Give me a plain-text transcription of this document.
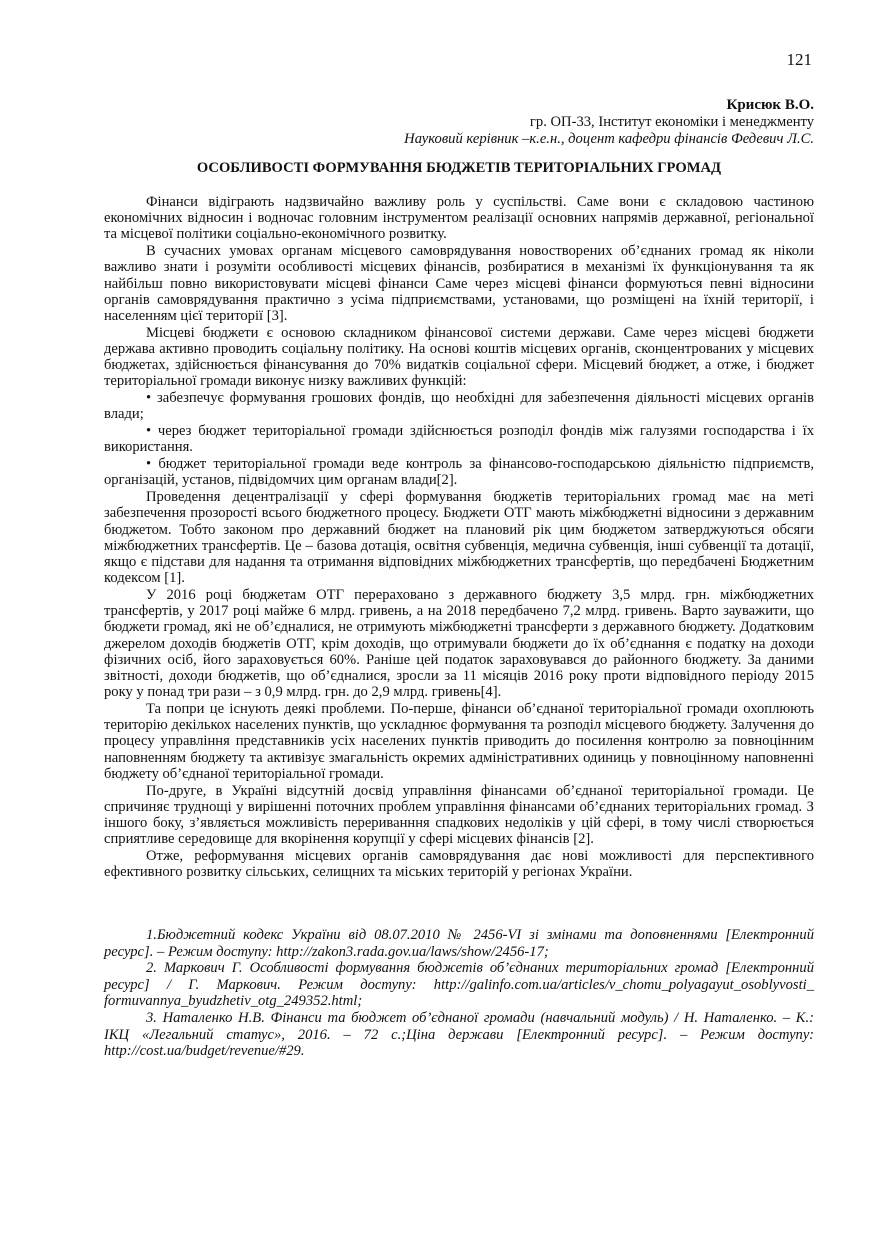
121
Крисюк В.О.
гр. ОП-33, Інститут економіки і менеджменту
Науковий керівник –к.е.н., доцент кафедри фінансів Федевич Л.С.
ОСОБЛИВОСТІ ФОРМУВАННЯ БЮДЖЕТІВ ТЕРИТОРІАЛЬНИХ ГРОМАД

Фінанси відіграють надзвичайно важливу роль у суспільстві. Саме вони є складовою частиною економічних відносин і водночас головним інструментом реалізації основних напрямів державної, регіональної та місцевої політики соціально-економічного розвитку.

В сучасних умовах органам місцевого самоврядування новостворених об’єднаних громад як ніколи важливо знати і розуміти особливості місцевих фінансів, розбиратися в механізмі їх функціонування та як найбільш повно використовувати місцеві фінанси Саме через місцеві фінанси формуються певні відносини органів самоврядування практично з усіма підприємствами, установами, що розміщені на їхній території, і населенням цієї території [3].

Місцеві бюджети є основою складником фінансової системи держави. Саме через місцеві бюджети держава активно проводить соціальну політику. На основі коштів місцевих органів, сконцентрованих у місцевих бюджетах, здійснюється фінансування до 70% видатків соціальної сфери. Місцевий бюджет, а отже, і бюджет територіальної громади виконує низку важливих функцій:

• забезпечує формування грошових фондів, що необхідні для забезпечення діяльності місцевих органів влади;

• через бюджет територіальної громади здійснюється розподіл фондів між галузями господарства і їх використання.

• бюджет територіальної громади веде контроль за фінансово-господарською діяльністю підприємств, організацій, установ, підвідомчих цим органам влади[2].

Проведення децентралізації у сфері формування бюджетів територіальних громад має на меті забезпечення прозорості всього бюджетного процесу. Бюджети ОТГ мають міжбюджетні відносини з державним бюджетом. Тобто законом про державний бюджет на плановий рік цим бюджетом затверджуються обсяги міжбюджетних трансфертів. Це – базова дотація, освітня субвенція, медична субвенція, інші субвенції та дотації, якщо є підстави для надання та отримання відповідних міжбюджетних трансфертів, що передбачені Бюджетним кодексом [1].

У 2016 році бюджетам ОТГ перераховано з державного бюджету 3,5 млрд. грн. міжбюджетних трансфертів, у 2017 році майже 6 млрд. гривень, а на 2018 передбачено 7,2 млрд. гривень. Варто зауважити, що бюджети громад, які не об’єдналися, не отримують міжбюджетні трансферти з державного бюджету. Додатковим джерелом доходів бюджетів ОТГ, крім доходів, що отримували бюджети до їх об’єднання є податку на доходи фізичних осіб, його зараховується 60%. Раніше цей податок зараховувався до районного бюджету. За даними звітності, доходи бюджетів, що об’єдналися, зросли за 11 місяців 2016 року проти відповідного періоду 2015 року у понад три рази – з 0,9 млрд. грн. до 2,9 млрд. гривень[4].

Та попри це існують деякі проблеми. По-перше, фінанси об’єднаної територіальної громади охоплюють територію декількох населених пунктів, що ускладнює формування та розподіл місцевого бюджету. Залучення до процесу управління представників усіх населених пунктів приводить до посилення контролю за повноцінним наповненням бюджету та активізує змагальність окремих адміністративних одиниць у повноцінному наповненні бюджету об’єднаної територіальної громади.

По-друге, в Україні відсутній досвід управління фінансами об’єднаної територіальної громади. Це спричиняє труднощі у вирішенні поточних проблем управління фінансами об’єднаних територіальних громад. З іншого боку, з’являється можливість перериванння спадкових недоліків у цій сфері, в тому числі створюється сприятливе середовище для вкорінення корупції у сфері місцевих фінансів [2].

Отже, реформування місцевих органів самоврядування дає нові можливості для перспективного ефективного розвитку сільських, селищних та міських територій у регіонах України.

1.Бюджетний кодекс України від 08.07.2010 № 2456-VI зі змінами та доповненнями [Електронний ресурс]. – Режим доступу: http://zakon3.rada.gov.ua/laws/show/2456-17;

2. Маркович Г. Особливості формування бюджетів об’єднаних територіальних громад [Електронний ресурс] / Г. Маркович. Режим доступу: http://galinfo.com.ua/articles/v_chomu_polyagayut_osoblyvosti_ formuvannya_byudzhetiv_otg_249352.html;

3. Наталенко Н.В. Фінанси та бюджет об’єднаної громади (навчальний модуль) / Н. Наталенко. – К.: ІКЦ «Легальний статус», 2016. – 72 с.;Ціна держави [Електронний ресурс]. – Режим доступу: http://cost.ua/budget/revenue/#29.
